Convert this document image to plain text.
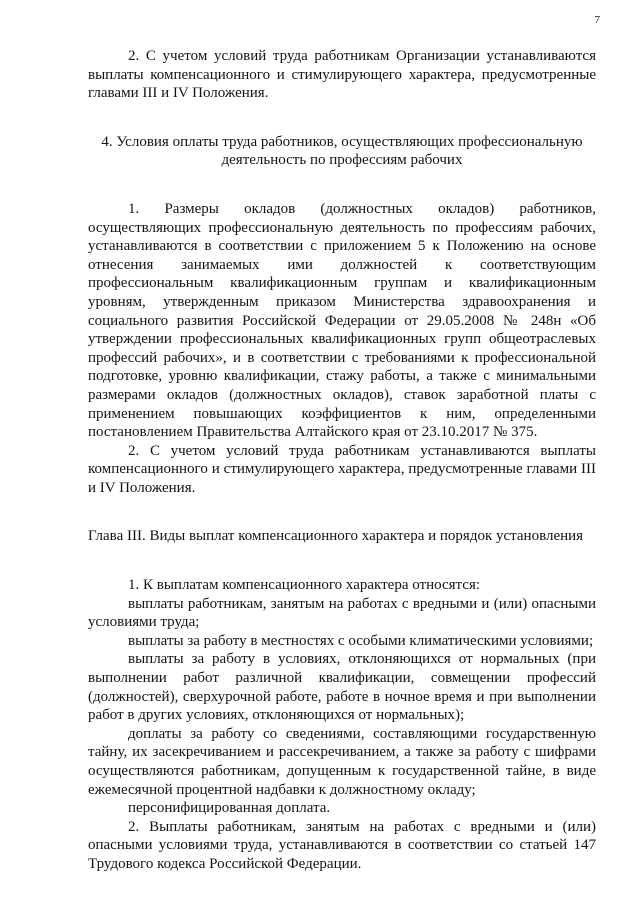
7

2. С учетом условий труда работникам Организации устанавливаются выплаты компенсационного и стимулирующего характера, предусмотренные главами III и IV Положения.

4. Условия оплаты труда работников, осуществляющих профессиональную деятельность по профессиям рабочих

1. Размеры окладов (должностных окладов) работников, осуществляющих профессиональную деятельность по профессиям рабочих, устанавливаются в соответствии с приложением 5 к Положению на основе отнесения занимаемых ими должностей к соответствующим профессиональным квалификационным группам и квалификационным уровням, утвержденным приказом Министерства здравоохранения и социального развития Российской Федерации от 29.05.2008 № 248н «Об утверждении профессиональных квалификационных групп общеотраслевых профессий рабочих», и в соответствии с требованиями к профессиональной подготовке, уровню квалификации, стажу работы, а также с минимальными размерами окладов (должностных окладов), ставок заработной платы с применением повышающих коэффициентов к ним, определенными постановлением Правительства Алтайского края от 23.10.2017 № 375.

2. С учетом условий труда работникам устанавливаются выплаты компенсационного и стимулирующего характера, предусмотренные главами III и IV Положения.

Глава III. Виды выплат компенсационного характера и порядок установления

1. К выплатам компенсационного характера относятся:

выплаты работникам, занятым на работах с вредными и (или) опасными условиями труда;

выплаты за работу в местностях с особыми климатическими условиями;

выплаты за работу в условиях, отклоняющихся от нормальных (при выполнении работ различной квалификации, совмещении профессий (должностей), сверхурочной работе, работе в ночное время и при выполнении работ в других условиях, отклоняющихся от нормальных);

доплаты за работу со сведениями, составляющими государственную тайну, их засекречиванием и рассекречиванием, а также за работу с шифрами осуществляются работникам, допущенным к государственной тайне, в виде ежемесячной процентной надбавки к должностному окладу;

персонифицированная доплата.

2. Выплаты работникам, занятым на работах с вредными и (или) опасными условиями труда, устанавливаются в соответствии со статьей 147 Трудового кодекса Российской Федерации.
